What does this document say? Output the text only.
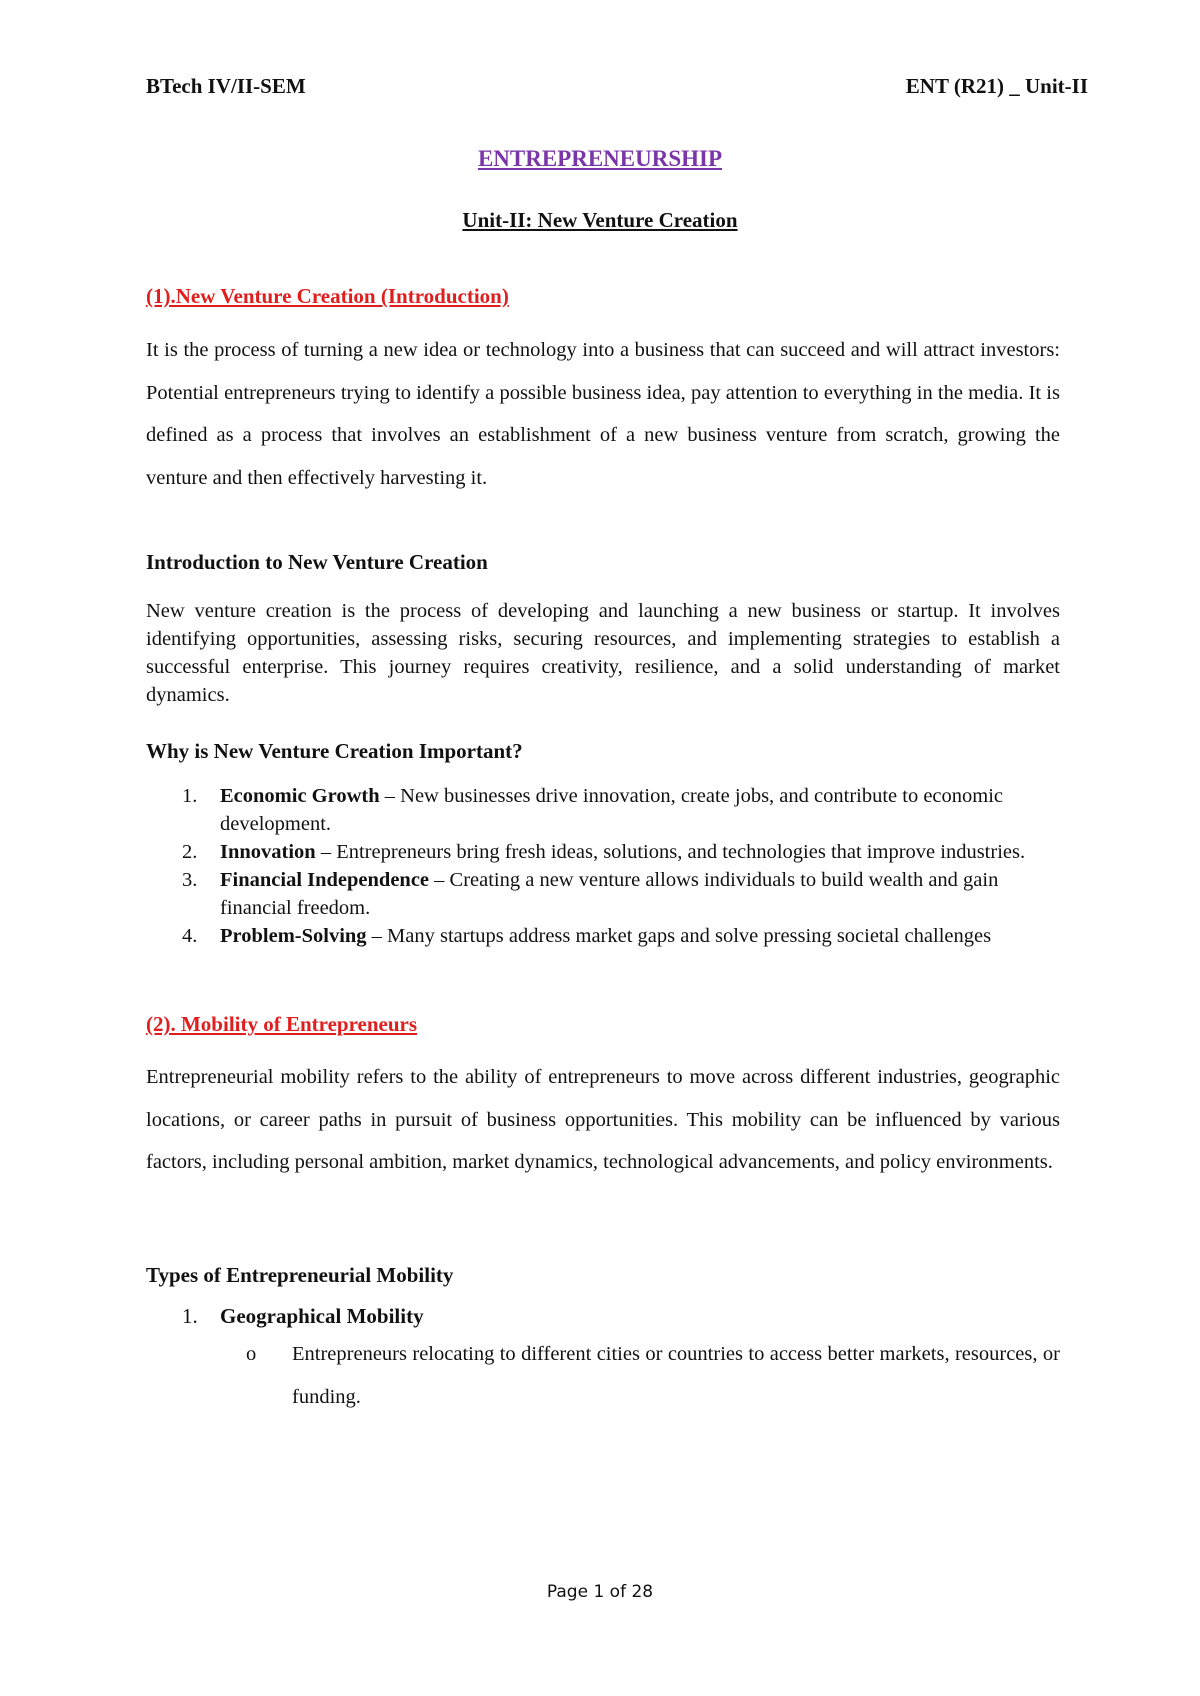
BTech IV/II-SEM	ENT (R21) _ Unit-II
ENTREPRENEURSHIP
Unit-II: New Venture Creation
(1).New Venture Creation (Introduction)

It is the process of turning a new idea or technology into a business that can succeed and will attract investors: Potential entrepreneurs trying to identify a possible business idea, pay attention to everything in the media. It is defined as a process that involves an establishment of a new business venture from scratch, growing the venture and then effectively harvesting it.

Introduction to New Venture Creation

New venture creation is the process of developing and launching a new business or startup. It involves identifying opportunities, assessing risks, securing resources, and implementing strategies to establish a successful enterprise. This journey requires creativity, resilience, and a solid understanding of market dynamics.

Why is New Venture Creation Important?
1. Economic Growth – New businesses drive innovation, create jobs, and contribute to economic development.
2. Innovation – Entrepreneurs bring fresh ideas, solutions, and technologies that improve industries.
3. Financial Independence – Creating a new venture allows individuals to build wealth and gain financial freedom.
4. Problem-Solving – Many startups address market gaps and solve pressing societal challenges
(2). Mobility of Entrepreneurs

Entrepreneurial mobility refers to the ability of entrepreneurs to move across different industries, geographic locations, or career paths in pursuit of business opportunities. This mobility can be influenced by various factors, including personal ambition, market dynamics, technological advancements, and policy environments.

Types of Entrepreneurial Mobility
1. Geographical Mobility
o Entrepreneurs relocating to different cities or countries to access better markets, resources, or funding.

Page 1 of 28
